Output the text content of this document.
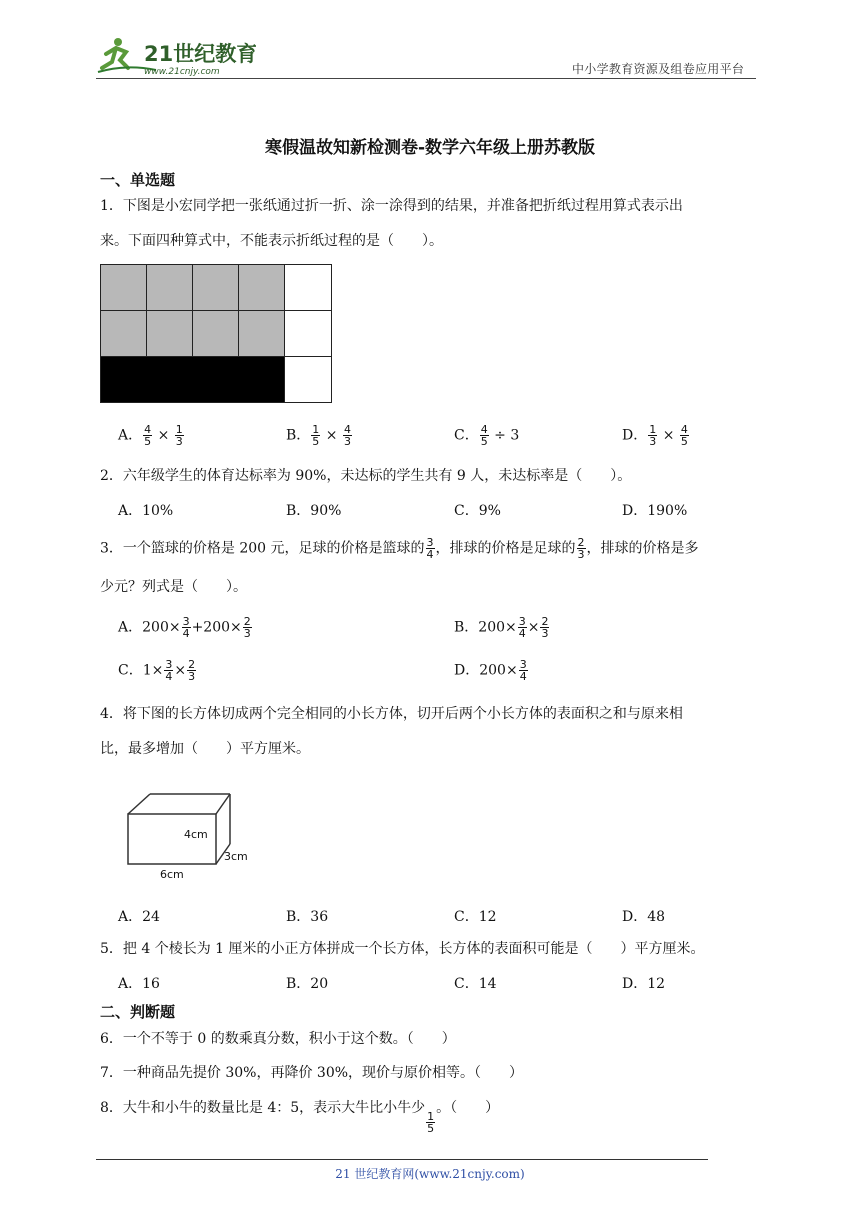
21世纪教育
www.21cnjy.com	中小学教育资源及组卷应用平台
寒假温故知新检测卷-数学六年级上册苏教版
一、单选题
1．下图是小宏同学把一张纸通过折一折、涂一涂得到的结果，并准备把折纸过程用算式表示出
来。下面四种算式中，不能表示折纸过程的是（　　）。
A． $\frac{4}{5} \times \frac{1}{3}$	B． $\frac{1}{5} \times \frac{4}{3}$	C． $\frac{4}{5} \div 3$	D． $\frac{1}{3} \times \frac{4}{5}$
2．六年级学生的体育达标率为 90%，未达标的学生共有 9 人，未达标率是（　　）。
A．10%	B．90%	C．9%	D．190%
3．一个篮球的价格是 200 元，足球的价格是篮球的 $\frac{3}{4}$ ，排球的价格是足球的 $\frac{2}{3}$ ，排球的价格是多
少元？列式是（　　）。
A．$200\times \frac{3}{4} +200\times \frac{2}{3}$	B．$200\times \frac{3}{4} \times \frac{2}{3}$
C．$1\times \frac{3}{4} \times \frac{2}{3}$	D．$200\times \frac{3}{4}$
4．将下图的长方体切成两个完全相同的小长方体，切开后两个小长方体的表面积之和与原来相
比，最多增加（　　）平方厘米。
4cm
3cm
6cm
A．24	B．36	C．12	D．48
5．把 4 个棱长为 1 厘米的小正方体拼成一个长方体，长方体的表面积可能是（　　）平方厘米。
A．16	B．20	C．14	D．12
二、判断题
6．一个不等于 0 的数乘真分数，积小于这个数。（　　）
7．一种商品先提价 30%，再降价 30%，现价与原价相等。（　　）
8．大牛和小牛的数量比是 4：5，表示大牛比小牛少
$\frac{1}{5}$
。（　　）
21 世纪教育网(www.21cnjy.com)
